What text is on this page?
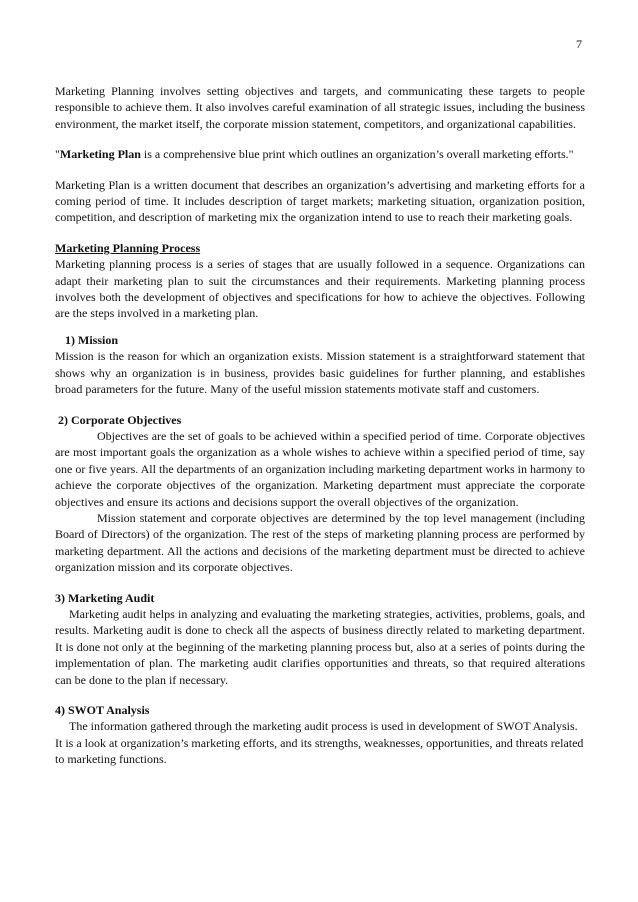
7

Marketing Planning involves setting objectives and targets, and communicating these targets to people responsible to achieve them. It also involves careful examination of all strategic issues, including the business environment, the market itself, the corporate mission statement, competitors, and organizational capabilities.

"Marketing Plan is a comprehensive blue print which outlines an organization’s overall marketing efforts."

Marketing Plan is a written document that describes an organization’s advertising and marketing efforts for a coming period of time. It includes description of target markets; marketing situation, organization position, competition, and description of marketing mix the organization intend to use to reach their marketing goals.

Marketing Planning Process

Marketing planning process is a series of stages that are usually followed in a sequence. Organizations can adapt their marketing plan to suit the circumstances and their requirements. Marketing planning process involves both the development of objectives and specifications for how to achieve the objectives. Following are the steps involved in a marketing plan.

1) Mission

Mission is the reason for which an organization exists. Mission statement is a straightforward statement that shows why an organization is in business, provides basic guidelines for further planning, and establishes broad parameters for the future. Many of the useful mission statements motivate staff and customers.

2) Corporate Objectives

Objectives are the set of goals to be achieved within a specified period of time. Corporate objectives are most important goals the organization as a whole wishes to achieve within a specified period of time, say one or five years. All the departments of an organization including marketing department works in harmony to achieve the corporate objectives of the organization. Marketing department must appreciate the corporate objectives and ensure its actions and decisions support the overall objectives of the organization.

Mission statement and corporate objectives are determined by the top level management (including Board of Directors) of the organization. The rest of the steps of marketing planning process are performed by marketing department. All the actions and decisions of the marketing department must be directed to achieve organization mission and its corporate objectives.

3) Marketing Audit

Marketing audit helps in analyzing and evaluating the marketing strategies, activities, problems, goals, and results. Marketing audit is done to check all the aspects of business directly related to marketing department. It is done not only at the beginning of the marketing planning process but, also at a series of points during the implementation of plan. The marketing audit clarifies opportunities and threats, so that required alterations can be done to the plan if necessary.

4) SWOT Analysis

The information gathered through the marketing audit process is used in development of SWOT Analysis. It is a look at organization’s marketing efforts, and its strengths, weaknesses, opportunities, and threats related to marketing functions.
